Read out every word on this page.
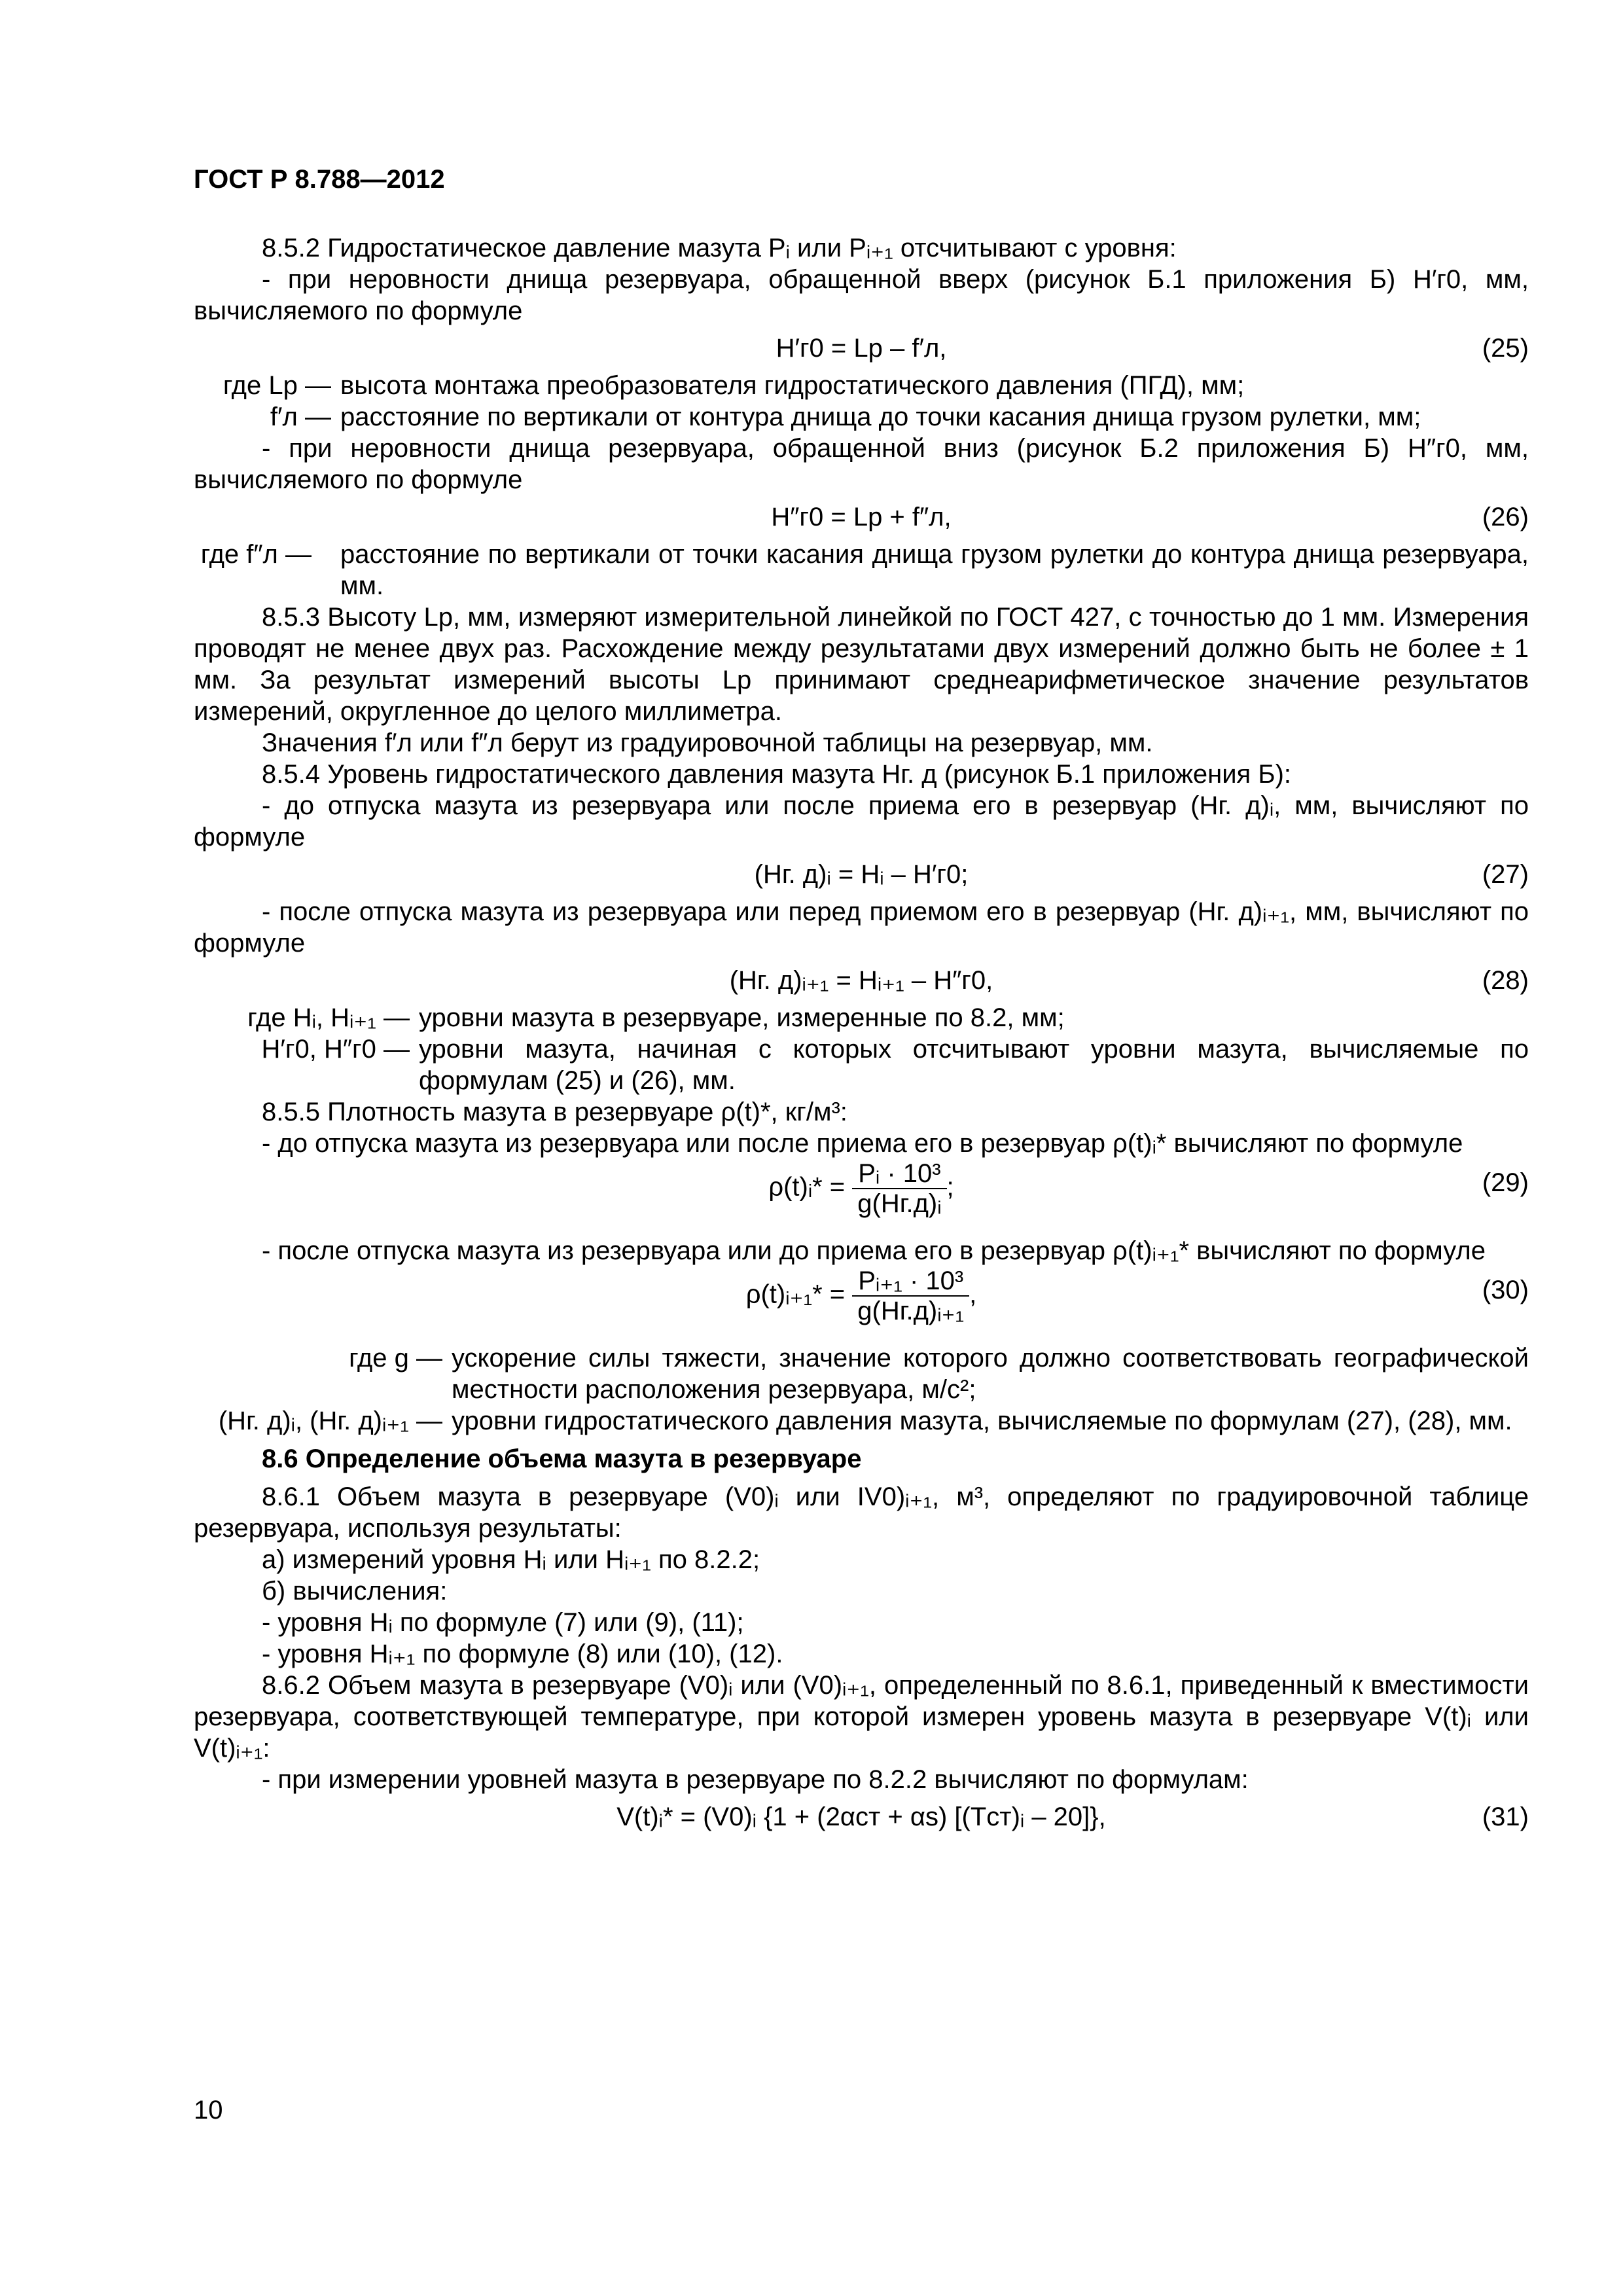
ГОСТ Р 8.788—2012

8.5.2 Гидростатическое давление мазута Pᵢ или Pᵢ₊₁ отсчитывают с уровня:

- при неровности днища резервуара, обращенной вверх (рисунок Б.1 приложения Б) H′г0, мм, вычисляемого по формуле

H′г0 = Lр – f′л,	(25)
где Lр — высота монтажа преобразователя гидростатического давления (ПГД), мм;
f′л — расстояние по вертикали от контура днища до точки касания днища грузом рулетки, мм;

- при неровности днища резервуара, обращенной вниз (рисунок Б.2 приложения Б) H″г0, мм, вычисляемого по формуле

H″г0 = Lр + f″л,	(26)
где f″л —	расстояние по вертикали от точки касания днища грузом рулетки до контура днища резервуара, мм.

8.5.3 Высоту Lр, мм, измеряют измерительной линейкой по ГОСТ 427, с точностью до 1 мм. Измерения проводят не менее двух раз. Расхождение между результатами двух измерений должно быть не более ± 1 мм. За результат измерений высоты Lр принимают среднеарифметическое значение результатов измерений, округленное до целого миллиметра.

Значения f′л или f″л берут из градуировочной таблицы на резервуар, мм.

8.5.4 Уровень гидростатического давления мазута Hг. д (рисунок Б.1 приложения Б):

- до отпуска мазута из резервуара или после приема его в резервуар (Hг. д)ᵢ, мм, вычисляют по формуле

(Hг. д)ᵢ = Hᵢ – H′г0;	(27)

- после отпуска мазута из резервуара или перед приемом его в резервуар (Hг. д)ᵢ₊₁, мм, вычисляют по формуле

(Hг. д)ᵢ₊₁ = Hᵢ₊₁ – H″г0,	(28)
где Hᵢ, Hᵢ₊₁ — уровни мазута в резервуаре, измеренные по 8.2, мм;
H′г0, H″г0 — уровни мазута, начиная с которых отсчитывают уровни мазута, вычисляемые по формулам (25) и (26), мм.

8.5.5 Плотность мазута в резервуаре ρ(t)*, кг/м³:

- до отпуска мазута из резервуара или после приема его в резервуар ρ(t)ᵢ* вычисляют по формуле

ρ(t)ᵢ* = $\frac{\text{Pᵢ · 10³}}{\text{g(Hг.д)ᵢ}}$ ;	(29)

- после отпуска мазута из резервуара или до приема его в резервуар ρ(t)ᵢ₊₁* вычисляют по формуле

ρ(t)ᵢ₊₁* = $\frac{\text{Pᵢ₊₁ · 10³}}{\text{g(Hг.д)ᵢ₊₁}}$ ,	(30)
где g — ускорение силы тяжести, значение которого должно соответствовать географической местности расположения резервуара, м/с²;
(Hг. д)ᵢ, (Hг. д)ᵢ₊₁ — уровни гидростатического давления мазута, вычисляемые по формулам (27), (28), мм.

8.6 Определение объема мазута в резервуаре

8.6.1 Объем мазута в резервуаре (V0)ᵢ или IV0)ᵢ₊₁, м³, определяют по градуировочной таблице резервуара, используя результаты:

а) измерений уровня Hᵢ или Hᵢ₊₁ по 8.2.2;

б) вычисления:

- уровня Hᵢ по формуле (7) или (9), (11);

- уровня Hᵢ₊₁ по формуле (8) или (10), (12).

8.6.2 Объем мазута в резервуаре (V0)ᵢ или (V0)ᵢ₊₁, определенный по 8.6.1, приведенный к вместимости резервуара, соответствующей температуре, при которой измерен уровень мазута в резервуаре V(t)ᵢ или V(t)ᵢ₊₁:

- при измерении уровней мазута в резервуаре по 8.2.2 вычисляют по формулам:

V(t)ᵢ* = (V0)ᵢ {1 + (2αст + αs) [(Tст)ᵢ – 20]},	(31)
10
